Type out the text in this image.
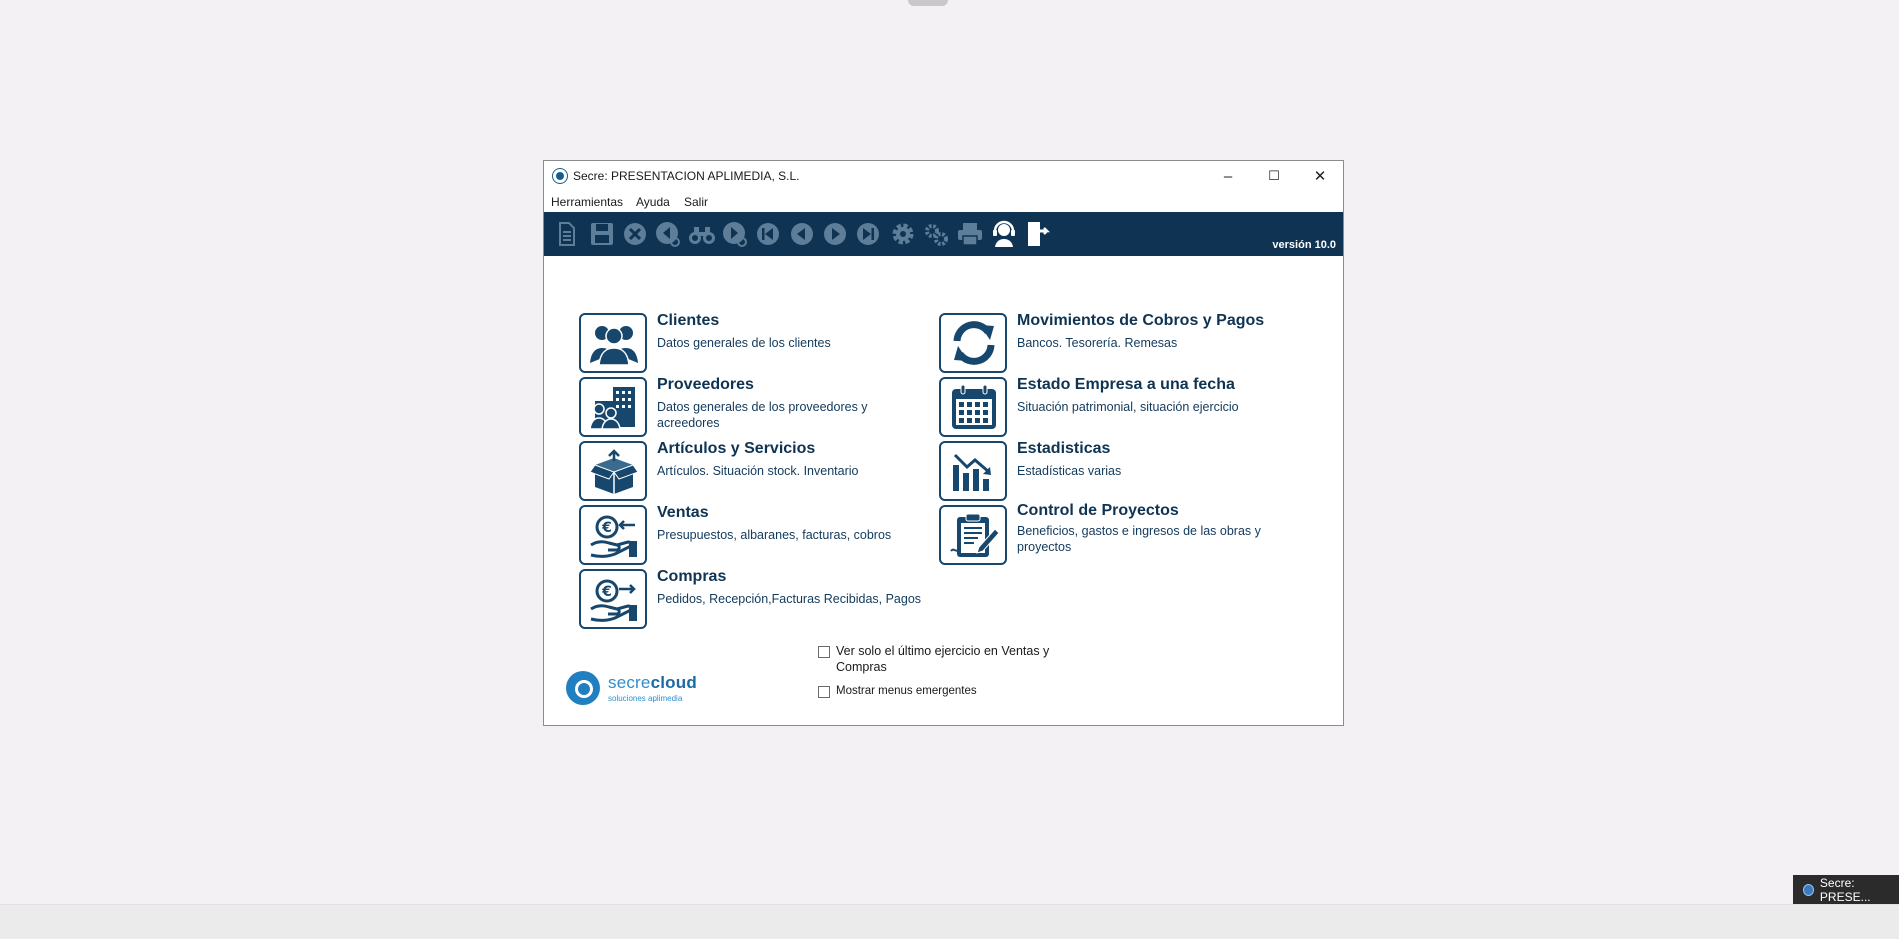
Secre: PRESENTACION APLIMEDIA, S.L.	–	☐	✕
Herramientas Ayuda Salir
versión 10.0
Clientes
Datos generales de los clientes
Proveedores
Datos generales de los proveedores y acreedores
Artículos y Servicios
Artículos. Situación stock. Inventario
€
Ventas
Presupuestos, albaranes, facturas, cobros
€
Compras
Pedidos, Recepción,Facturas Recibidas, Pagos
Movimientos de Cobros y Pagos
Bancos. Tesorería. Remesas
Estado Empresa a una fecha
Situación patrimonial, situación ejercicio
Estadisticas
Estadísticas varias
Control de Proyectos
Beneficios, gastos e ingresos de las obras y proyectos
Ver solo el último ejercicio en Ventas y Compras
Mostrar menus emergentes
secrecloud
soluciones aplimedia
Secre: PRESE...
